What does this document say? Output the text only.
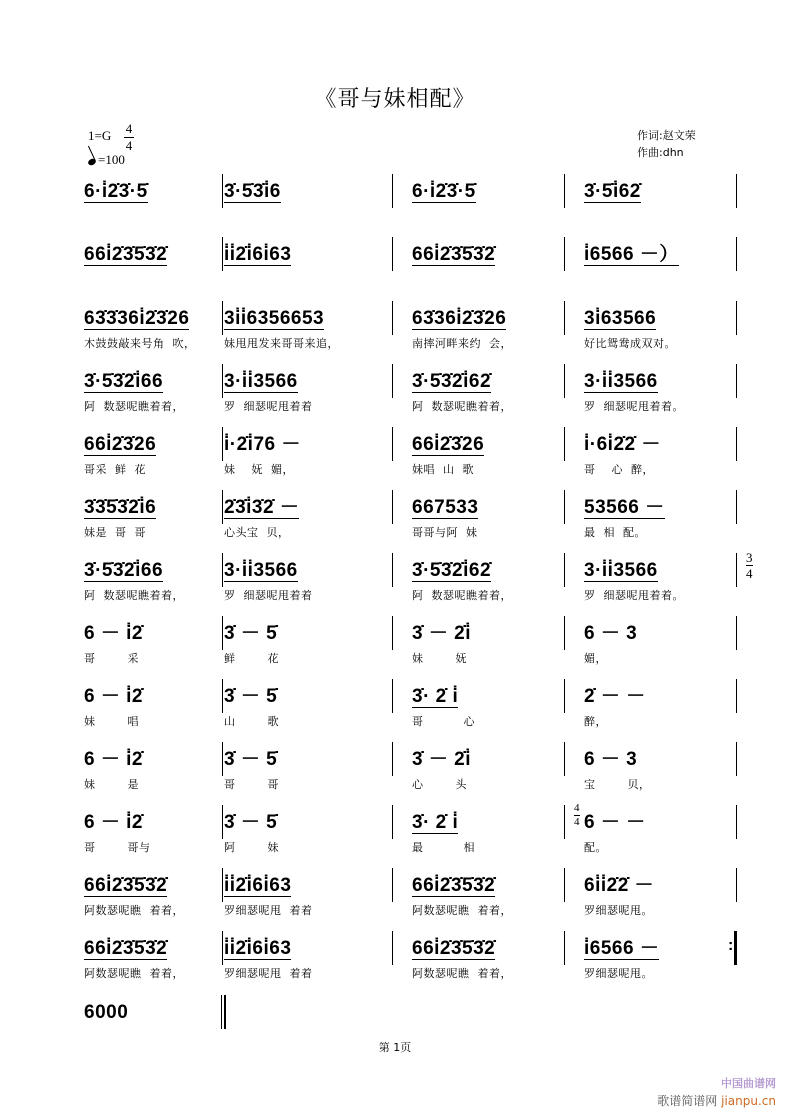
《哥与妹相配》
1=G 4
4
=100
作词:赵文荣
作曲:dhn
6·i̇2̇3̇·5̇	3̇·5̇3̇i̇6	6·i̇2̇3̇·5̇	3̇·5̇i̇62̇
66i̇2̇3̇5̇3̇2̇	i̇i̇2̇i̇6i̇63	66i̇2̇3̇5̇3̇2̇	i̇6566 －）
63̇3̇36i̇2̇3̇26
木鼓鼓敲来号角  吹，
3i̇i̇6356653
妹甩甩发来哥哥来追，
63̇36i̇2̇3̇26
南摔河畔来约  会，
3i̇63566
好比鸳鸯成双对。
3̇·5̇3̇2̇i̇66
阿  数瑟呢瞧着着，
3·i̇i̇3566
罗  细瑟呢甩着着
3̇·5̇3̇2̇i̇62̇
阿  数瑟呢瞧着着，
3·i̇i̇3566
罗  细瑟呢甩着着。
66i̇2̇3̇26
哥采  鲜  花
i̇·2̇i̇76 －
妹    妩  媚，
66i̇2̇3̇26
妹唱  山  歌
i̇·6i̇2̇2̇ －
哥    心  醉，
3̇3̇5̇3̇2̇i̇6
妹是  哥  哥
2̇3̇i̇3̇2̇ －
心头宝  贝，
667533
哥哥与阿  妹
53566 －
最  相  配。
3̇·5̇3̇2̇i̇66
阿  数瑟呢瞧着着，
3·i̇i̇3566
罗  细瑟呢甩着着
3̇·5̇3̇2̇i̇62̇
阿  数瑟呢瞧着着，
3·i̇i̇3566
罗  细瑟呢甩着着。
3
4
6 － i̇2̇
哥        采
3̇ － 5̇
鲜        花
3̇ － 2̇i̇
妹        妩
6 － 3
媚，
6 － i̇2̇
妹        唱
3̇ － 5̇
山        歌
3̇· 2̇ i̇
哥          心
2̇ － －
醉，
6 － i̇2̇
妹        是
3̇ － 5̇
哥        哥
3̇ － 2̇i̇
心        头
6 － 3
宝        贝，
6 － i̇2̇
哥        哥与
3̇ － 5̇
阿        妹
3̇· 2̇ i̇
最          相
6 － －
配。
4
4
66i̇2̇3̇5̇3̇2̇
阿数瑟呢瞧  着着，
i̇i̇2̇i̇6i̇63
罗细瑟呢甩  着着
66i̇2̇3̇5̇3̇2̇
阿数瑟呢瞧  着着，
6i̇i̇2̇2̇ －
罗细瑟呢甩。
66i̇2̇3̇5̇3̇2̇
阿数瑟呢瞧  着着，
i̇i̇2̇i̇6i̇63
罗细瑟呢甩  着着
66i̇2̇3̇5̇3̇2̇
阿数瑟呢瞧  着着，
i̇6566 －
罗细瑟呢甩。
:
6000
第 1页
中国曲谱网
歌谱简谱网 jianpu.cn
